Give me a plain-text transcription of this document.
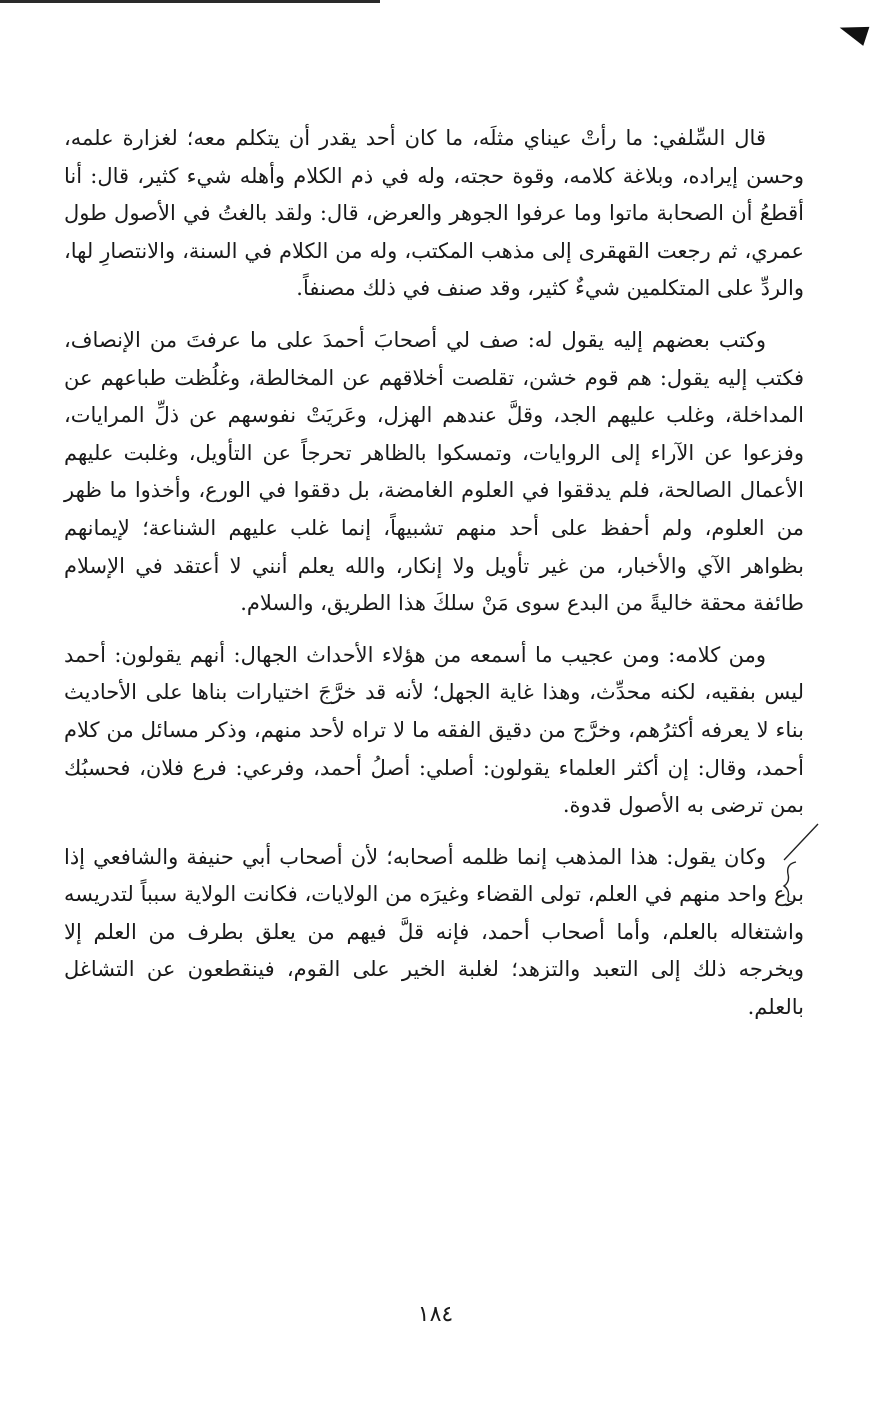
قال السِّلفي: ما رأتْ عيناي مثلَه، ما كان أحد يقدر أن يتكلم معه؛ لغزارة علمه، وحسن إيراده، وبلاغة كلامه، وقوة حجته، وله في ذم الكلام وأهله شيء كثير، قال: أنا أقطعُ أن الصحابة ماتوا وما عرفوا الجوهر والعرض، قال: ولقد بالغتُ في الأصول طول عمري، ثم رجعت القهقرى إلى مذهب المكتب، وله من الكلام في السنة، والانتصارِ لها، والردِّ على المتكلمين شيءٌ كثير، وقد صنف في ذلك مصنفاً.

وكتب بعضهم إليه يقول له: صف لي أصحابَ أحمدَ على ما عرفتَ من الإنصاف، فكتب إليه يقول: هم قوم خشن، تقلصت أخلاقهم عن المخالطة، وغلُظت طباعهم عن المداخلة، وغلب عليهم الجد، وقلَّ عندهم الهزل، وعَريَتْ نفوسهم عن ذلِّ المرايات، وفزعوا عن الآراء إلى الروايات، وتمسكوا بالظاهر تحرجاً عن التأويل، وغلبت عليهم الأعمال الصالحة، فلم يدققوا في العلوم الغامضة، بل دققوا في الورع، وأخذوا ما ظهر من العلوم، ولم أحفظ على أحد منهم تشبيهاً، إنما غلب عليهم الشناعة؛ لإيمانهم بظواهر الآي والأخبار، من غير تأويل ولا إنكار، والله يعلم أنني لا أعتقد في الإسلام طائفة محقة خاليةً من البدع سوى مَنْ سلكَ هذا الطريق، والسلام.

ومن كلامه: ومن عجيب ما أسمعه من هؤلاء الأحداث الجهال: أنهم يقولون: أحمد ليس بفقيه، لكنه محدِّث، وهذا غاية الجهل؛ لأنه قد خرَّجَ اختيارات بناها على الأحاديث بناء لا يعرفه أكثرُهم، وخرَّج من دقيق الفقه ما لا تراه لأحد منهم، وذكر مسائل من كلام أحمد، وقال: إن أكثر العلماء يقولون: أصلي: أصلُ أحمد، وفرعي: فرع فلان، فحسبُك بمن ترضى به الأصول قدوة.

وكان يقول: هذا المذهب إنما ظلمه أصحابه؛ لأن أصحاب أبي حنيفة والشافعي إذا برع واحد منهم في العلم، تولى القضاء وغيرَه من الولايات، فكانت الولاية سبباً لتدريسه واشتغاله بالعلم، وأما أصحاب أحمد، فإنه قلَّ فيهم من يعلق بطرف من العلم إلا ويخرجه ذلك إلى التعبد والتزهد؛ لغلبة الخير على القوم، فينقطعون عن التشاغل بالعلم.

١٨٤
